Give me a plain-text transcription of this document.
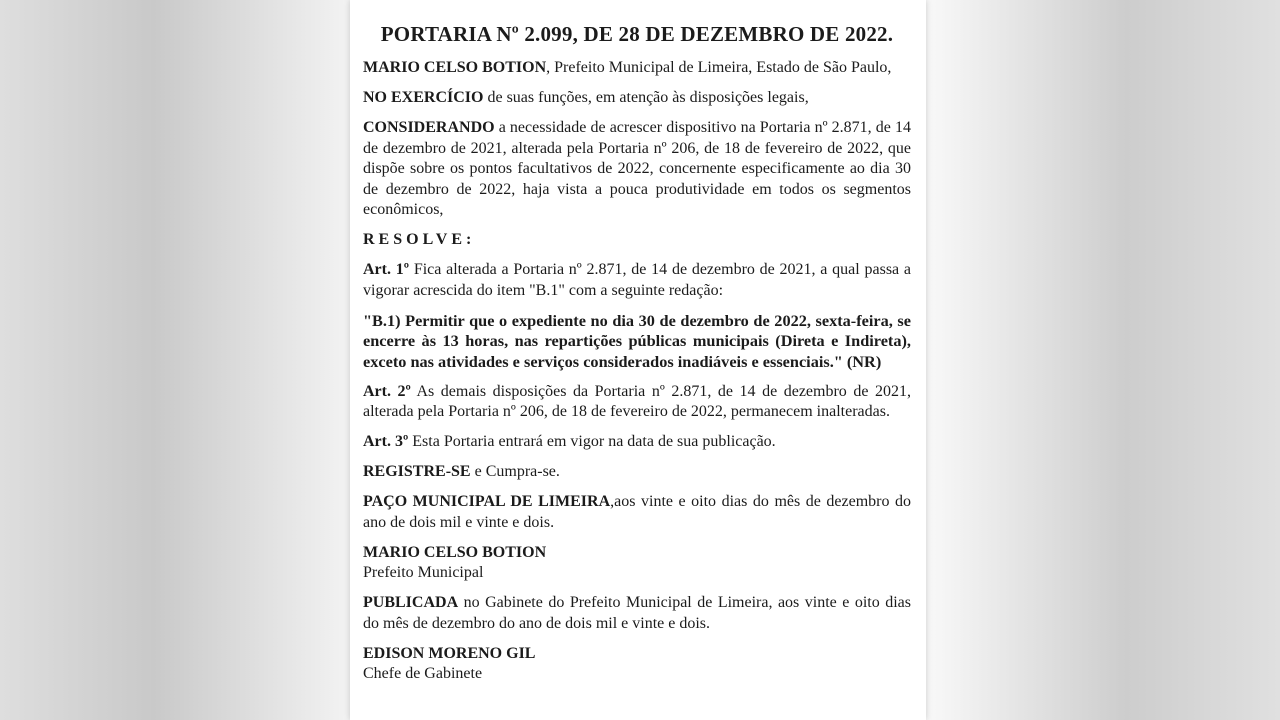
PORTARIA Nº 2.099, DE 28 DE DEZEMBRO DE 2022.

MARIO CELSO BOTION, Prefeito Municipal de Limeira, Estado de São Paulo,

NO EXERCÍCIO de suas funções, em atenção às disposições legais,

CONSIDERANDO a necessidade de acrescer dispositivo na Portaria nº 2.871, de 14 de dezembro de 2021, alterada pela Portaria nº 206, de 18 de fevereiro de 2022, que dispõe sobre os pontos facultativos de 2022, concernente especificamente ao dia 30 de dezembro de 2022, haja vista a pouca produtividade em todos os segmentos econômicos,

RESOLVE:

Art. 1º Fica alterada a Portaria nº 2.871, de 14 de dezembro de 2021, a qual passa a vigorar acrescida do item "B.1" com a seguinte redação:

"B.1) Permitir que o expediente no dia 30 de dezembro de 2022, sexta-feira, se encerre às 13 horas, nas repartições públicas municipais (Direta e Indireta), exceto nas atividades e serviços considerados inadiáveis e essenciais." (NR)

Art. 2º As demais disposições da Portaria nº 2.871, de 14 de dezembro de 2021, alterada pela Portaria nº 206, de 18 de fevereiro de 2022, permanecem inalteradas.

Art. 3º Esta Portaria entrará em vigor na data de sua publicação.

REGISTRE-SE e Cumpra-se.

PAÇO MUNICIPAL DE LIMEIRA,aos vinte e oito dias do mês de dezembro do ano de dois mil e vinte e dois.

MARIO CELSO BOTION
Prefeito Municipal

PUBLICADA no Gabinete do Prefeito Municipal de Limeira, aos vinte e oito dias do mês de dezembro do ano de dois mil e vinte e dois.

EDISON MORENO GIL
Chefe de Gabinete
